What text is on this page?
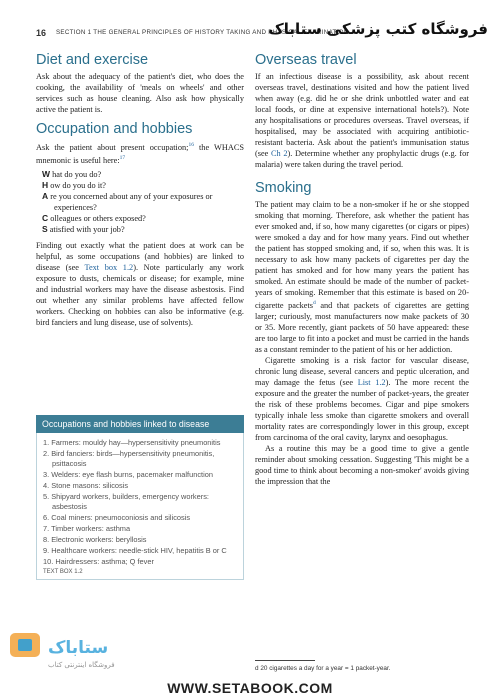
16 SECTION 1 THE GENERAL PRINCIPLES OF HISTORY TAKING AND PHYSICAL EXAMINATION
فروشگاه کتب پزشکی ستاباک
Diet and exercise

Ask about the adequacy of the patient's diet, who does the cooking, the availability of 'meals on wheels' and other services such as house cleaning. Also ask how physically active the patient is.

Occupation and hobbies

Ask the patient about present occupation;$^{16}$ the WHACS mnemonic is useful here:$^{17}$

W hat do you do?
H ow do you do it?
A re you concerned about any of your exposures or experiences?
C olleagues or others exposed?
S atisfied with your job?

Finding out exactly what the patient does at work can be helpful, as some occupations (and hobbies) are linked to disease (see Text box 1.2). Note particularly any work exposure to dusts, chemicals or disease; for example, mine and industrial workers may have the disease asbestosis. Find out whether any similar problems have affected fellow workers. Checking on hobbies can also be informative (e.g. bird fanciers and lung disease, use of solvents).

Occupations and hobbies linked to disease
1. Farmers: mouldy hay—hypersensitivity pneumonitis
2. Bird fanciers: birds—hypersensitivity pneumonitis, psittacosis
3. Welders: eye flash burns, pacemaker malfunction
4. Stone masons: silicosis
5. Shipyard workers, builders, emergency workers: asbestosis
6. Coal miners: pneumoconiosis and silicosis
7. Timber workers: asthma
8. Electronic workers: beryllosis
9. Healthcare workers: needle-stick HIV, hepatitis B or C
10. Hairdressers: asthma; Q fever
TEXT BOX 1.2
Overseas travel

If an infectious disease is a possibility, ask about recent overseas travel, destinations visited and how the patient lived when away (e.g. did he or she drink unbottled water and eat local foods, or dine at expensive international hotels?). Note any hospitalisations or procedures overseas. Travel overseas, if hospitalised, may be associated with acquiring antibiotic-resistant bacteria. Ask about the patient's immunisation status (see Ch 2). Determine whether any prophylactic drugs (e.g. for malaria) were taken during the travel period.

Smoking

The patient may claim to be a non-smoker if he or she stopped smoking that morning. Therefore, ask whether the patient has ever smoked and, if so, how many cigarettes (or cigars or pipes) were smoked a day and for how many years. Find out whether the patient has stopped smoking and, if so, when this was. It is necessary to ask how many packets of cigarettes per day the patient has smoked and for how many years the patient has smoked. An estimate should be made of the number of packet-years of smoking. Remember that this estimate is based on 20-cigarette packets$^d$ and that packets of cigarettes are getting larger; curiously, most manufacturers now make packets of 30 or 35. More recently, giant packets of 50 have appeared: these are too large to fit into a pocket and must be carried in the hands as a constant reminder to the patient of his or her addiction.

Cigarette smoking is a risk factor for vascular disease, chronic lung disease, several cancers and peptic ulceration, and may damage the fetus (see List 1.2). The more recent the exposure and the greater the number of packet-years, the greater the risk of these problems becomes. Cigar and pipe smokers typically inhale less smoke than cigarette smokers and overall mortality rates are correspondingly lower in this group, except from carcinoma of the oral cavity, larynx and oesophagus.

As a routine this may be a good time to give a gentle reminder about smoking cessation. Suggesting 'This might be a good time to think about becoming a non-smoker' avoids giving the impression that the

d 20 cigarettes a day for a year = 1 packet-year.
ستاباک
فروشگاه اینترنتی کتاب
WWW.SETABOOK.COM
